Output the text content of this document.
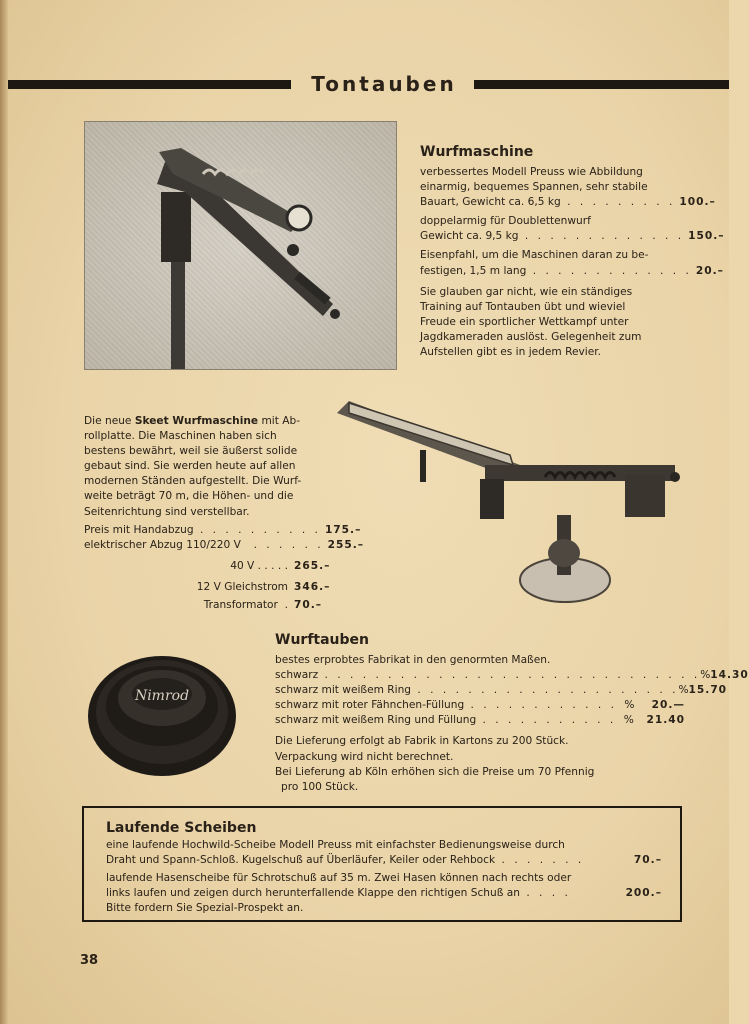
Tontauben
Wurfmaschine
verbessertes Modell Preuss wie Abbildung
einarmig, bequemes Spannen, sehr stabile
Bauart, Gewicht ca. 6,5 kg . . . . . . . . . 100.–
doppelarmig für Doublettenwurf
Gewicht ca. 9,5 kg . . . . . . . . . . . . . 150.–
Eisenpfahl, um die Maschinen daran zu be-
festigen, 1,5 m lang . . . . . . . . . . . . . 20.–
Sie glauben gar nicht, wie ein ständiges
Training auf Tontauben übt und wieviel
Freude ein sportlicher Wettkampf unter
Jagdkameraden auslöst. Gelegenheit zum
Aufstellen gibt es in jedem Revier.
Die neue Skeet Wurfmaschine mit Ab-
rollplatte. Die Maschinen haben sich
bestens bewährt, weil sie äußerst solide
gebaut sind. Sie werden heute auf allen
modernen Ständen aufgestellt. Die Wurf-
weite beträgt 70 m, die Höhen- und die
Seitenrichtung sind verstellbar.
Preis mit Handabzug . . . . . . . . . . 175.–
elektrischer Abzug 110/220 V . . . . . . 255.–
40 V . . . . . 265.–
12 V Gleichstrom 346.–
Transformator  . 70.–
Nimrod
Wurftauben
bestes erprobtes Fabrikat in den genormten Maßen.
schwarz . . . . . . . . . . . . . . . . . . . . . . . . . . . . . . % 14.30
schwarz mit weißem Ring . . . . . . . . . . . . . . . . . . . . . % 15.70
schwarz mit roter Fähnchen-Füllung . . . . . . . . . . . . %	20.—
schwarz mit weißem Ring und Füllung . . . . . . . . . . . %	21.40
Die Lieferung erfolgt ab Fabrik in Kartons zu 200 Stück.
Verpackung wird nicht berechnet.
Bei Lieferung ab Köln erhöhen sich die Preise um 70 Pfennig
pro 100 Stück.
Laufende Scheiben
eine laufende Hochwild-Scheibe Modell Preuss mit einfachster Bedienungsweise durch
Draht und Spann-Schloß. Kugelschuß auf Überläufer, Keiler oder Rehbock . . . . . . .	70.–
laufende Hasenscheibe für Schrotschuß auf 35 m. Zwei Hasen können nach rechts oder
links laufen und zeigen durch herunterfallende Klappe den richtigen Schuß an . . . .	200.–
Bitte fordern Sie Spezial-Prospekt an.
38
